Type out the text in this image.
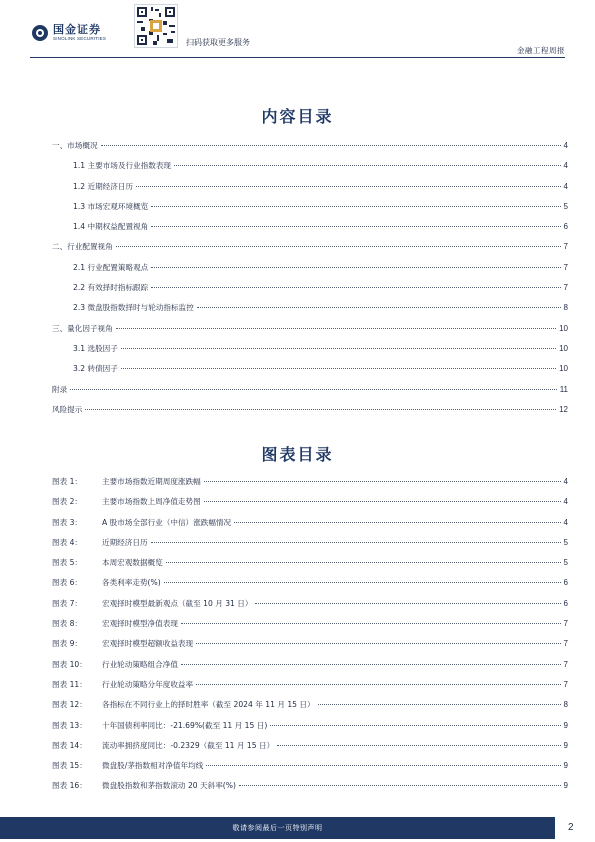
国金证券
SINOLINK SECURITIES	扫码获取更多服务
金融工程周报
内容目录
一、市场概况	4
1.1 主要市场及行业指数表现	4
1.2 近期经济日历	4
1.3 市场宏观环境概览	5
1.4 中期权益配置视角	6
二、行业配置视角	7
2.1 行业配置策略观点	7
2.2 有效择时指标跟踪	7
2.3 微盘股指数择时与轮动指标监控	8
三、量化因子视角	10
3.1 选股因子	10
3.2 转债因子	10
附录	11
风险提示	12
图表目录
图表 1：	主要市场指数近期周度涨跌幅	4
图表 2：	主要市场指数上周净值走势图	4
图表 3：	A 股市场全部行业（中信）涨跌幅情况	4
图表 4：	近期经济日历	5
图表 5：	本周宏观数据概览	5
图表 6：	各类利率走势(%)	6
图表 7：	宏观择时模型最新观点（截至 10 月 31 日）	6
图表 8：	宏观择时模型净值表现	7
图表 9：	宏观择时模型超额收益表现	7
图表 10： 行业轮动策略组合净值	7
图表 11： 行业轮动策略分年度收益率	7
图表 12： 各指标在不同行业上的择时胜率（截至 2024 年 11 月 15 日）	8
图表 13： 十年国债利率同比：-21.69%(截至 11 月 15 日)	9
图表 14： 流动率拥挤度同比：-0.2329（截至 11 月 15 日）	9
图表 15： 微盘股/茅指数相对净值年均线	9
图表 16： 微盘股指数和茅指数滚动 20 天斜率(%)	9
敬请参阅最后一页特别声明	2
